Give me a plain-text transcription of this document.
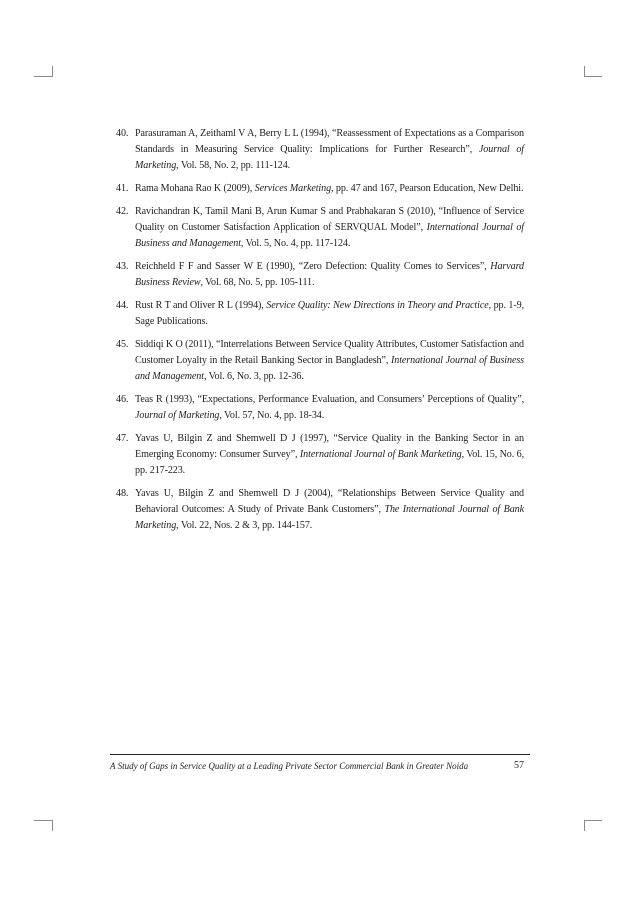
40. Parasuraman A, Zeithaml V A, Berry L L (1994), “Reassessment of Expectations as a Comparison Standards in Measuring Service Quality: Implications for Further Research”, Journal of Marketing, Vol. 58, No. 2, pp. 111-124.
41. Rama Mohana Rao K (2009), Services Marketing, pp. 47 and 167, Pearson Education, New Delhi.
42. Ravichandran K, Tamil Mani B, Arun Kumar S and Prabhakaran S (2010), “Influence of Service Quality on Customer Satisfaction Application of SERVQUAL Model”, International Journal of Business and Management, Vol. 5, No. 4, pp. 117-124.
43. Reichheld F F and Sasser W E (1990), “Zero Defection: Quality Comes to Services”, Harvard Business Review, Vol. 68, No. 5, pp. 105-111.
44. Rust R T and Oliver R L (1994), Service Quality: New Directions in Theory and Practice, pp. 1-9, Sage Publications.
45. Siddiqi K O (2011), “Interrelations Between Service Quality Attributes, Customer Satisfaction and Customer Loyalty in the Retail Banking Sector in Bangladesh”, International Journal of Business and Management, Vol. 6, No. 3, pp. 12-36.
46. Teas R (1993), “Expectations, Performance Evaluation, and Consumers’ Perceptions of Quality”, Journal of Marketing, Vol. 57, No. 4, pp. 18-34.
47. Yavas U, Bilgin Z and Shemwell D J (1997), “Service Quality in the Banking Sector in an Emerging Economy: Consumer Survey”, International Journal of Bank Marketing, Vol. 15, No. 6, pp. 217-223.
48. Yavas U, Bilgin Z and Shemwell D J (2004), “Relationships Between Service Quality and Behavioral Outcomes: A Study of Private Bank Customers”, The International Journal of Bank Marketing, Vol. 22, Nos. 2 & 3, pp. 144-157.
A Study of Gaps in Service Quality at a Leading Private Sector Commercial Bank in Greater Noida	57
